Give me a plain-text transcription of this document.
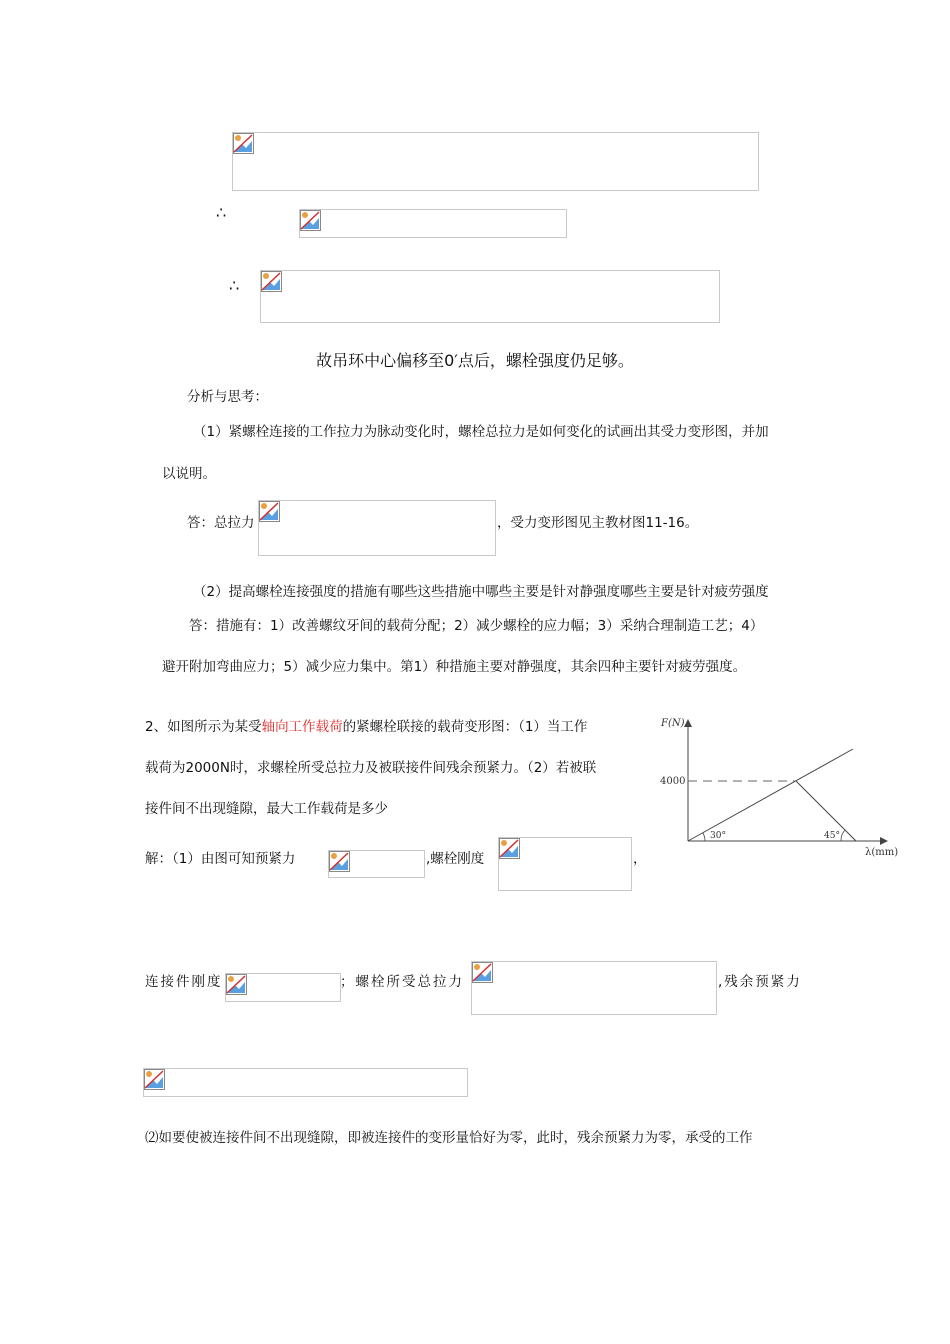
∴
∴
故吊环中心偏移至0′点后，螺栓强度仍足够。
分析与思考：
（1）紧螺栓连接的工作拉力为脉动变化时，螺栓总拉力是如何变化的试画出其受力变形图，并加
以说明。
答：总拉力	，受力变形图见主教材图11-16。
（2）提高螺栓连接强度的措施有哪些这些措施中哪些主要是针对静强度哪些主要是针对疲劳强度
答：措施有：1）改善螺纹牙间的载荷分配；2）减少螺栓的应力幅；3）采纳合理制造工艺；4）
避开附加弯曲应力；5）减少应力集中。第1）种措施主要对静强度，其余四种主要针对疲劳强度。
2、如图所示为某受轴向工作载荷的紧螺栓联接的载荷变形图：（1）当工作
载荷为2000N时，求螺栓所受总拉力及被联接件间残余预紧力。（2）若被联
接件间不出现缝隙，最大工作载荷是多少
解：（1）由图可知预紧力	,螺栓刚度	，
连接件刚度	；螺栓所受总拉力	,残余预紧力
⑵如要使被连接件间不出现缝隙，即被连接件的变形量恰好为零，此时，残余预紧力为零，承受的工作
F(N)
4000
30°	45°
λ(mm)
